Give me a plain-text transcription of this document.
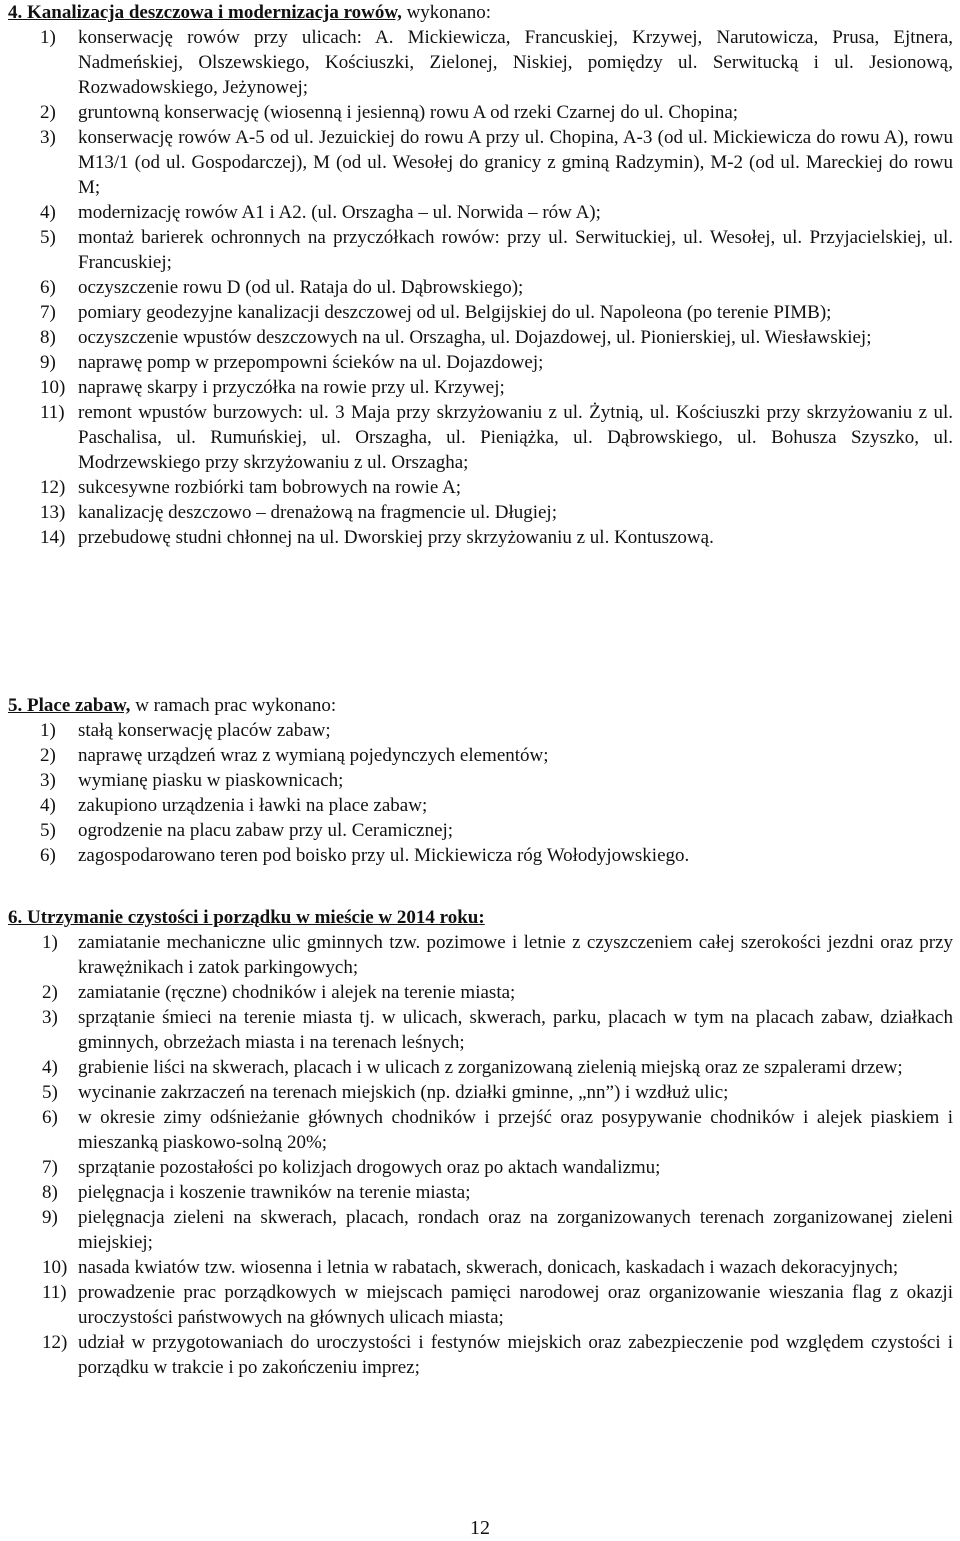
4. Kanalizacja deszczowa i modernizacja rowów, wykonano:

1) konserwację rowów przy ulicach: A. Mickiewicza, Francuskiej, Krzywej, Narutowicza, Prusa, Ejtnera, Nadmeńskiej, Olszewskiego, Kościuszki, Zielonej, Niskiej, pomiędzy ul. Serwitucką i ul. Jesionową, Rozwadowskiego, Jeżynowej;
2) gruntowną konserwację (wiosenną i jesienną) rowu A od rzeki Czarnej do ul. Chopina;
3) konserwację rowów A-5 od ul. Jezuickiej do rowu A przy ul. Chopina, A-3 (od ul. Mickiewicza do rowu A), rowu M13/1 (od ul. Gospodarczej), M (od ul. Wesołej do granicy z gminą Radzymin), M-2 (od ul. Mareckiej do rowu M;
4) modernizację rowów A1 i A2. (ul. Orszagha – ul. Norwida – rów A);
5) montaż barierek ochronnych na przyczółkach rowów: przy ul. Serwituckiej, ul. Wesołej, ul. Przyjacielskiej, ul. Francuskiej;
6) oczyszczenie rowu D (od ul. Rataja do ul. Dąbrowskiego);
7) pomiary geodezyjne kanalizacji deszczowej od ul. Belgijskiej do ul. Napoleona (po terenie PIMB);
8) oczyszczenie wpustów deszczowych na ul. Orszagha, ul. Dojazdowej, ul. Pionierskiej, ul. Wiesławskiej;
9) naprawę pomp w przepompowni ścieków na ul. Dojazdowej;
10) naprawę skarpy i przyczółka na rowie przy ul. Krzywej;
11) remont wpustów burzowych: ul. 3 Maja przy skrzyżowaniu z ul. Żytnią, ul. Kościuszki przy skrzyżowaniu z ul. Paschalisa, ul. Rumuńskiej, ul. Orszagha, ul. Pieniążka, ul. Dąbrowskiego, ul. Bohusza Szyszko, ul. Modrzewskiego przy skrzyżowaniu z ul. Orszagha;
12) sukcesywne rozbiórki tam bobrowych na rowie A;
13) kanalizację deszczowo – drenażową na fragmencie ul. Długiej;
14) przebudowę studni chłonnej na ul. Dworskiej przy skrzyżowaniu z ul. Kontuszową.

5. Place zabaw, w ramach prac wykonano:

1) stałą konserwację placów zabaw;
2) naprawę urządzeń wraz z wymianą pojedynczych elementów;
3) wymianę piasku w piaskownicach;
4) zakupiono urządzenia i ławki na place zabaw;
5) ogrodzenie na placu zabaw przy ul. Ceramicznej;
6) zagospodarowano teren pod boisko przy ul. Mickiewicza róg Wołodyjowskiego.

6. Utrzymanie czystości i porządku w mieście w 2014 roku:

1) zamiatanie mechaniczne ulic gminnych tzw. pozimowe i letnie z czyszczeniem całej szerokości jezdni oraz przy krawężnikach i zatok parkingowych;
2) zamiatanie (ręczne) chodników i alejek na terenie miasta;
3) sprzątanie śmieci na terenie miasta tj. w ulicach, skwerach, parku, placach w tym na placach zabaw, działkach gminnych, obrzeżach miasta i na terenach leśnych;
4) grabienie liści na skwerach, placach i w ulicach z zorganizowaną zielenią miejską oraz ze szpalerami drzew;
5) wycinanie zakrzaczeń na terenach miejskich (np. działki gminne, „nn”) i wzdłuż ulic;
6) w okresie zimy odśnieżanie głównych chodników i przejść oraz posypywanie chodników i alejek piaskiem i mieszanką piaskowo-solną 20%;
7) sprzątanie pozostałości po kolizjach drogowych oraz po aktach wandalizmu;
8) pielęgnacja i koszenie trawników na terenie miasta;
9) pielęgnacja zieleni na skwerach, placach, rondach oraz na zorganizowanych terenach zorganizowanej zieleni miejskiej;
10) nasada kwiatów tzw. wiosenna i letnia w rabatach, skwerach, donicach, kaskadach i wazach dekoracyjnych;
11) prowadzenie prac porządkowych w miejscach pamięci narodowej oraz organizowanie wieszania flag z okazji uroczystości państwowych na głównych ulicach miasta;
12) udział w przygotowaniach do uroczystości i festynów miejskich oraz zabezpieczenie pod względem czystości i porządku w trakcie i po zakończeniu imprez;
12
